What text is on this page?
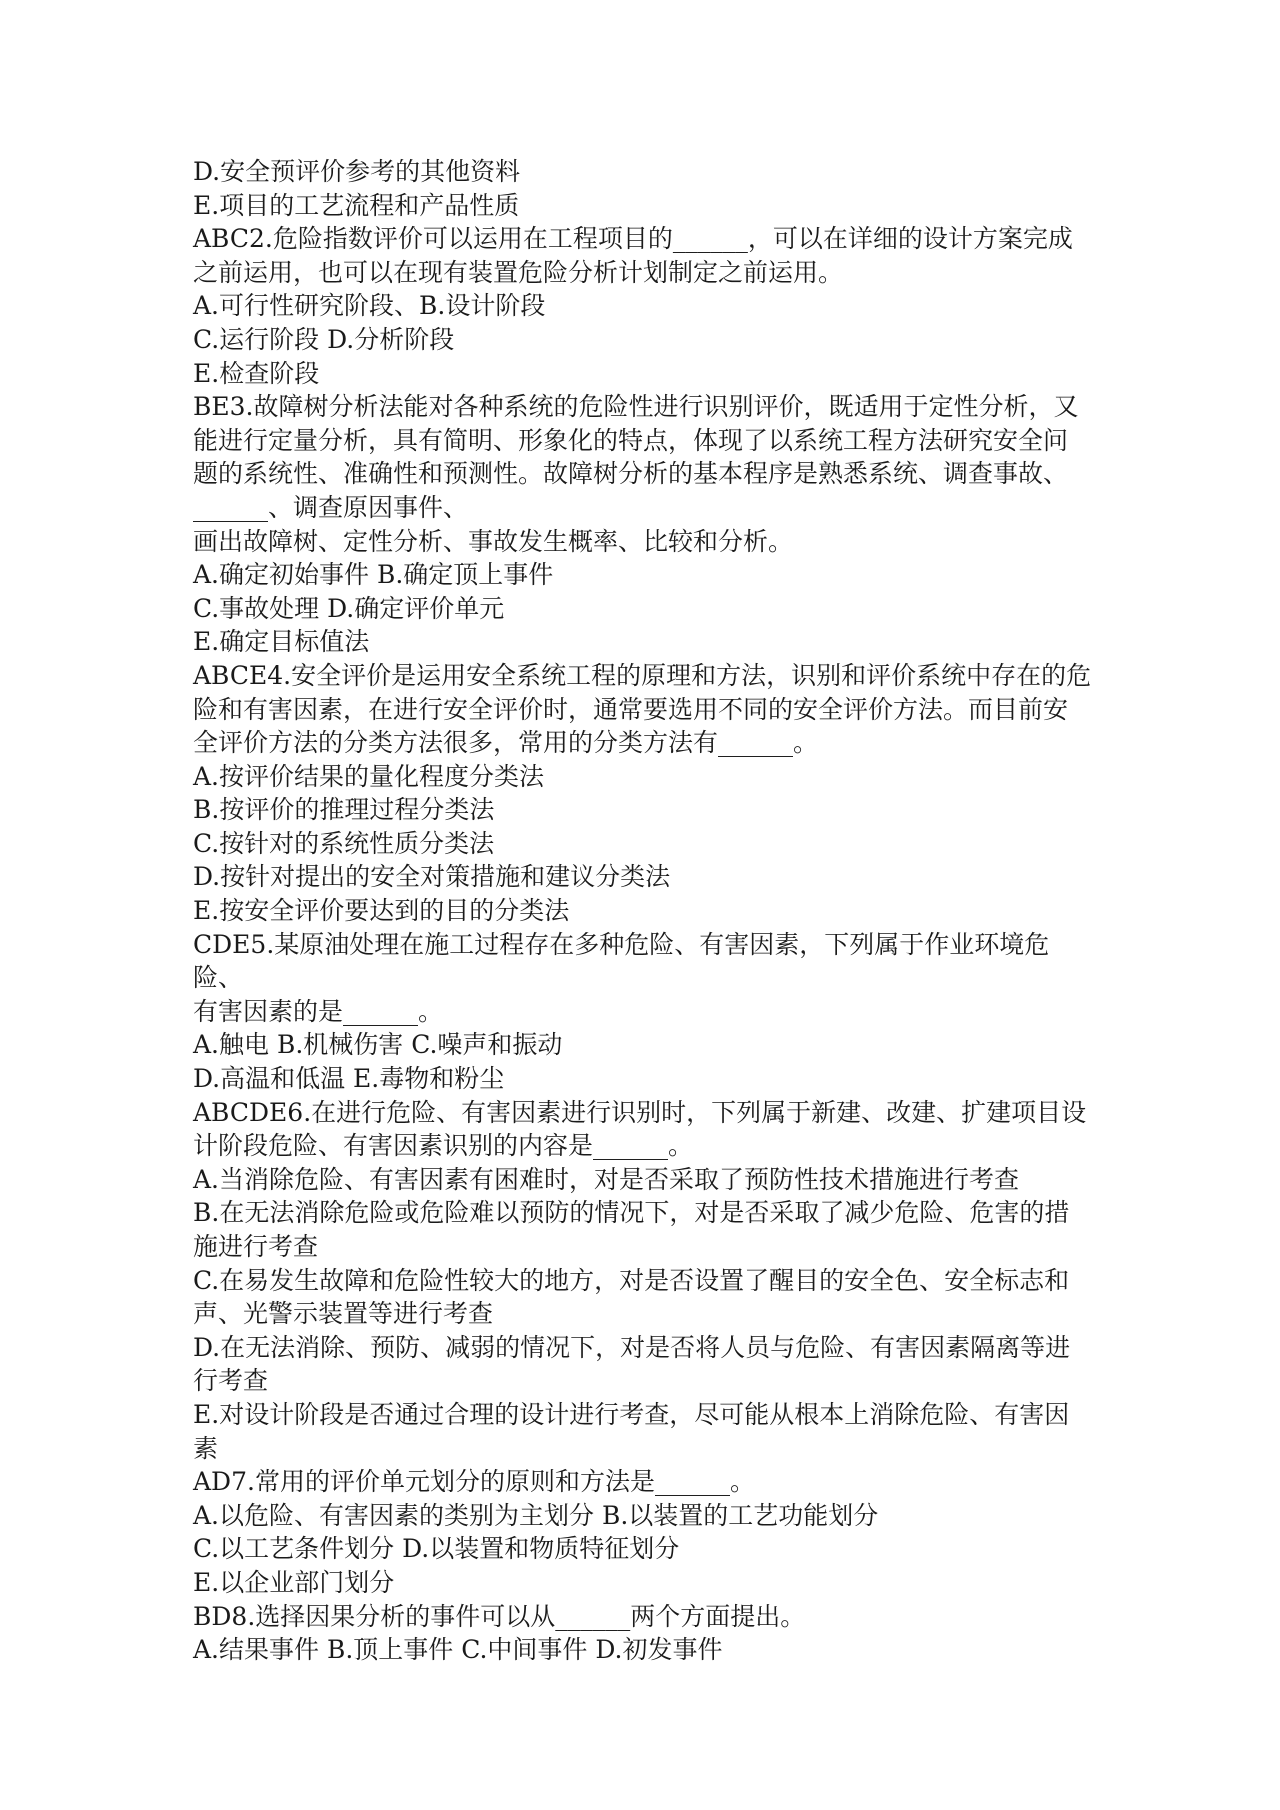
D.安全预评价参考的其他资料
E.项目的工艺流程和产品性质
ABC2.危险指数评价可以运用在工程项目的______，可以在详细的设计方案完成
之前运用，也可以在现有装置危险分析计划制定之前运用。
A.可行性研究阶段、B.设计阶段
C.运行阶段 D.分析阶段
E.检查阶段
BE3.故障树分析法能对各种系统的危险性进行识别评价，既适用于定性分析，又
能进行定量分析，具有简明、形象化的特点，体现了以系统工程方法研究安全问
题的系统性、准确性和预测性。故障树分析的基本程序是熟悉系统、调查事故、
______、调查原因事件、
画出故障树、定性分析、事故发生概率、比较和分析。
A.确定初始事件 B.确定顶上事件
C.事故处理 D.确定评价单元
E.确定目标值法
ABCE4.安全评价是运用安全系统工程的原理和方法，识别和评价系统中存在的危
险和有害因素，在进行安全评价时，通常要选用不同的安全评价方法。而目前安
全评价方法的分类方法很多，常用的分类方法有______。
A.按评价结果的量化程度分类法
B.按评价的推理过程分类法
C.按针对的系统性质分类法
D.按针对提出的安全对策措施和建议分类法
E.按安全评价要达到的目的分类法
CDE5.某原油处理在施工过程存在多种危险、有害因素，下列属于作业环境危险、
有害因素的是______。
A.触电 B.机械伤害 C.噪声和振动
D.高温和低温 E.毒物和粉尘
ABCDE6.在进行危险、有害因素进行识别时，下列属于新建、改建、扩建项目设
计阶段危险、有害因素识别的内容是______。
A.当消除危险、有害因素有困难时，对是否采取了预防性技术措施进行考查
B.在无法消除危险或危险难以预防的情况下，对是否采取了减少危险、危害的措
施进行考查
C.在易发生故障和危险性较大的地方，对是否设置了醒目的安全色、安全标志和
声、光警示装置等进行考查
D.在无法消除、预防、减弱的情况下，对是否将人员与危险、有害因素隔离等进
行考查
E.对设计阶段是否通过合理的设计进行考查，尽可能从根本上消除危险、有害因
素
AD7.常用的评价单元划分的原则和方法是______。
A.以危险、有害因素的类别为主划分 B.以装置的工艺功能划分
C.以工艺条件划分 D.以装置和物质特征划分
E.以企业部门划分
BD8.选择因果分析的事件可以从______两个方面提出。
A.结果事件 B.顶上事件 C.中间事件 D.初发事件
